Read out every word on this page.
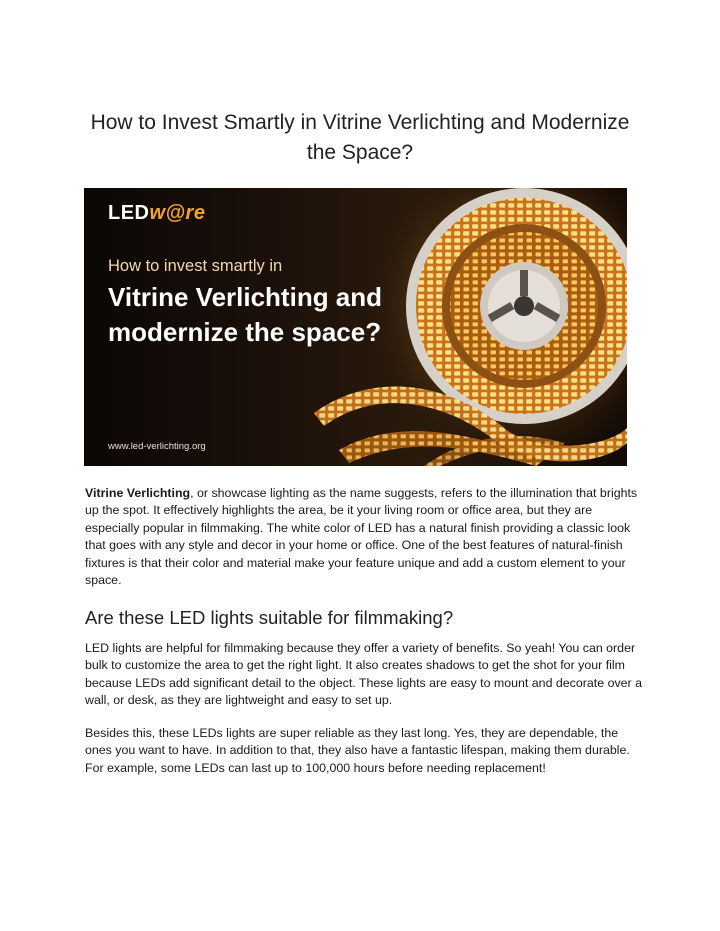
How to Invest Smartly in Vitrine Verlichting and Modernize the Space?
LEDw@re
How to invest smartly in
Vitrine Verlichting and modernize the space?
www.led-verlichting.org

Vitrine Verlichting, or showcase lighting as the name suggests, refers to the illumination that brights up the spot. It effectively highlights the area, be it your living room or office area, but they are especially popular in filmmaking. The white color of LED has a natural finish providing a classic look that goes with any style and decor in your home or office. One of the best features of natural-finish fixtures is that their color and material make your feature unique and add a custom element to your space.

Are these LED lights suitable for filmmaking?

LED lights are helpful for filmmaking because they offer a variety of benefits. So yeah! You can order bulk to customize the area to get the right light. It also creates shadows to get the shot for your film because LEDs add significant detail to the object. These lights are easy to mount and decorate over a wall, or desk, as they are lightweight and easy to set up.

Besides this, these LEDs lights are super reliable as they last long. Yes, they are dependable, the ones you want to have. In addition to that, they also have a fantastic lifespan, making them durable. For example, some LEDs can last up to 100,000 hours before needing replacement!
